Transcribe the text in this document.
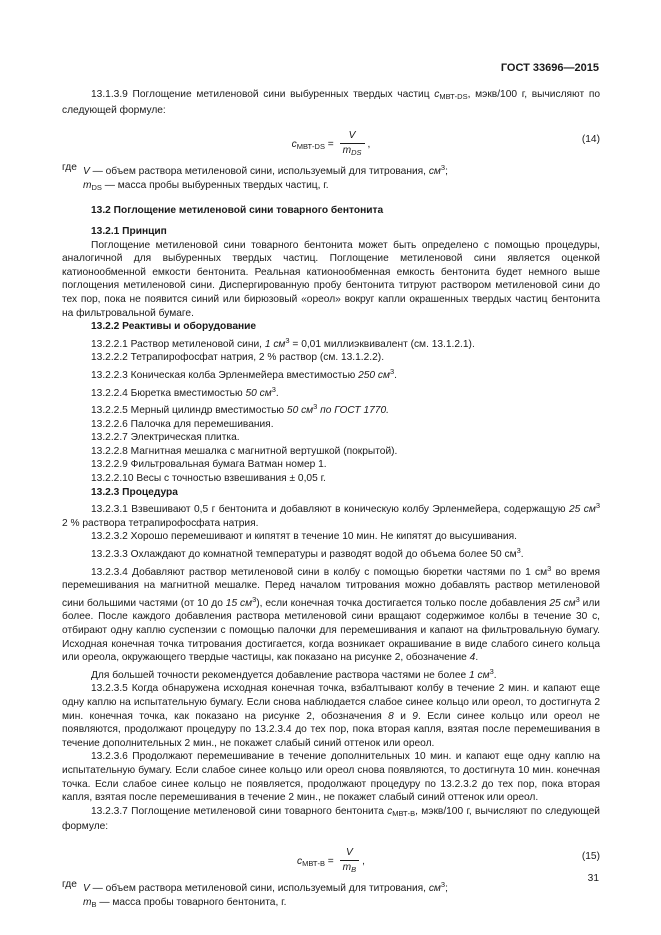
ГОСТ 33696—2015

13.1.3.9 Поглощение метиленовой сини выбуренных твердых частиц $c_{МВТ-DS}$, мэкв/100 г, вычисляют по следующей формуле:

$c_{МВТ-DS} = \frac{V}{m_{DS}}$ ,	(14)

где V — объем раствора метиленовой сини, используемый для титрования, $см^3$;

$m_{DS}$ — масса пробы выбуренных твердых частиц, г.

13.2 Поглощение метиленовой сини товарного бентонита

13.2.1 Принцип

Поглощение метиленовой сини товарного бентонита может быть определено с помощью процедуры, аналогичной для выбуренных твердых частиц. Поглощение метиленовой сини является оценкой катионообменной емкости бентонита. Реальная катионообменная емкость бентонита будет немного выше поглощения метиленовой сини. Диспергированную пробу бентонита титруют раствором метиленовой сини до тех пор, пока не появится синий или бирюзовый «ореол» вокруг капли окрашенных твердых частиц бентонита на фильтровальной бумаге.

13.2.2 Реактивы и оборудование

13.2.2.1 Раствор метиленовой сини, 1 $см^3 = 0,01$ миллиэквивалент (см. 13.1.2.1).

13.2.2.2 Тетрапирофосфат натрия, 2 % раствор (см. 13.1.2.2).

13.2.2.3 Коническая колба Эрленмейера вместимостью 250 $см^3$.

13.2.2.4 Бюретка вместимостью 50 $см^3$.

13.2.2.5 Мерный цилиндр вместимостью 50 $см^3$ по ГОСТ 1770.

13.2.2.6 Палочка для перемешивания.

13.2.2.7 Электрическая плитка.

13.2.2.8 Магнитная мешалка с магнитной вертушкой (покрытой).

13.2.2.9 Фильтровальная бумага Ватман номер 1.

13.2.2.10 Весы с точностью взвешивания ± 0,05 г.

13.2.3 Процедура

13.2.3.1 Взвешивают 0,5 г бентонита и добавляют в коническую колбу Эрленмейера, содержащую 25 $см^3$ 2 % раствора тетрапирофосфата натрия.

13.2.3.2 Хорошо перемешивают и кипятят в течение 10 мин. Не кипятят до высушивания.

13.2.3.3 Охлаждают до комнатной температуры и разводят водой до объема более 50 $см^3$.

13.2.3.4 Добавляют раствор метиленовой сини в колбу с помощью бюретки частями по 1 $см^3$ во время перемешивания на магнитной мешалке. Перед началом титрования можно добавлять раствор метиленовой сини большими частями (от 10 до 15 $см^3$), если конечная точка достигается только после добавления 25 $см^3$ или более. После каждого добавления раствора метиленовой сини вращают содержимое колбы в течение 30 с, отбирают одну каплю суспензии с помощью палочки для перемешивания и капают на фильтровальную бумагу. Исходная конечная точка титрования достигается, когда возникает окрашивание в виде слабого синего кольца или ореола, окружающего твердые частицы, как показано на рисунке 2, обозначение 4.

Для большей точности рекомендуется добавление раствора частями не более 1 $см^3$.

13.2.3.5 Когда обнаружена исходная конечная точка, взбалтывают колбу в течение 2 мин. и капают еще одну каплю на испытательную бумагу. Если снова наблюдается слабое синее кольцо или ореол, то достигнута 2 мин. конечная точка, как показано на рисунке 2, обозначения 8 и 9. Если синее кольцо или ореол не появляются, продолжают процедуру по 13.2.3.4 до тех пор, пока вторая капля, взятая после перемешивания в течение дополнительных 2 мин., не покажет слабый синий оттенок или ореол.

13.2.3.6 Продолжают перемешивание в течение дополнительных 10 мин. и капают еще одну каплю на испытательную бумагу. Если слабое синее кольцо или ореол снова появляются, то достигнута 10 мин. конечная точка. Если слабое синее кольцо не появляется, продолжают процедуру по 13.2.3.2 до тех пор, пока вторая капля, взятая после перемешивания в течение 2 мин., не покажет слабый синий оттенок или ореол.

13.2.3.7 Поглощение метиленовой сини товарного бентонита $c_{МВТ-В}$, мэкв/100 г, вычисляют по следующей формуле:

$c_{МВТ-В} = \frac{V}{m_B}$ ,	(15)

где V — объем раствора метиленовой сини, используемый для титрования, $см^3$;

$m_В$ — масса пробы товарного бентонита, г.

31
